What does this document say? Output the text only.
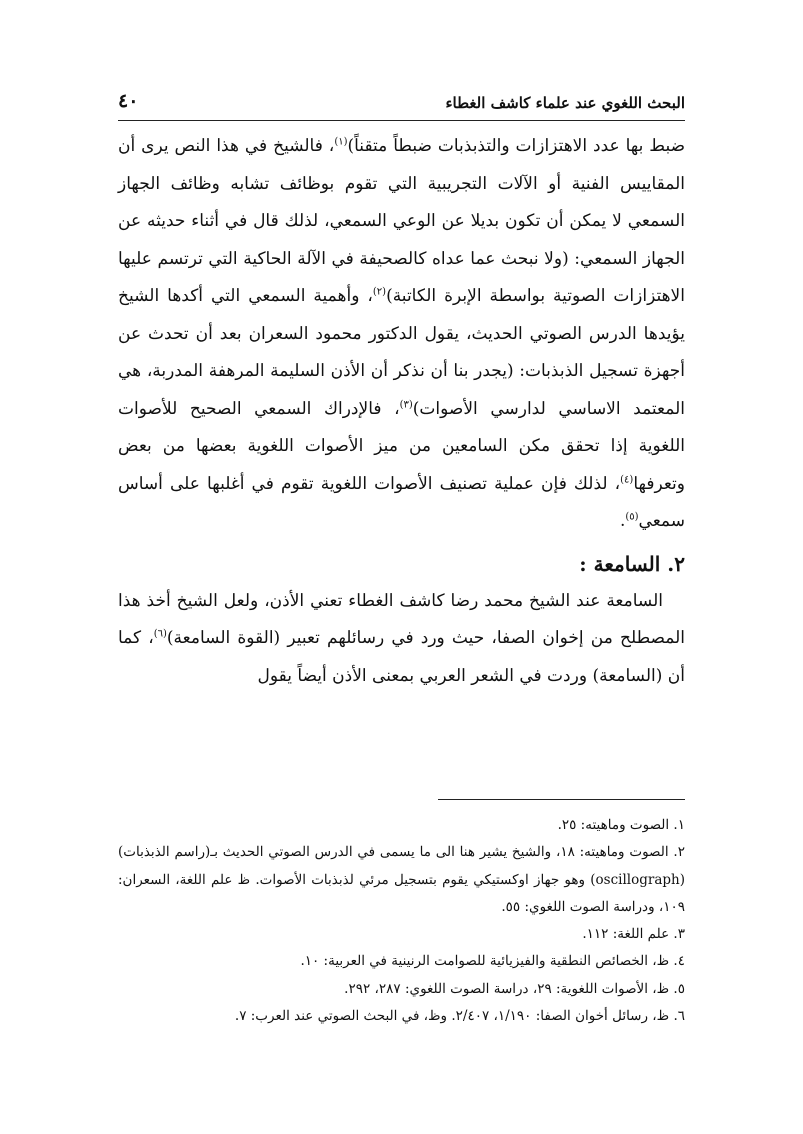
البحث اللغوي عند علماء كاشف الغطاء
٤٠

ضبط بها عدد الاهتزازات والتذبذبات ضبطاً متقناً)$^{(١)}$، فالشيخ في هذا النص يرى أن المقاييس الفنية أو الآلات التجريبية التي تقوم بوظائف تشابه وظائف الجهاز السمعي لا يمكن أن تكون بديلا عن الوعي السمعي، لذلك قال في أثناء حديثه عن الجهاز السمعي: (ولا نبحث عما عداه كالصحيفة في الآلة الحاكية التي ترتسم عليها الاهتزازات الصوتية بواسطة الإبرة الكاتبة)$^{(٢)}$، وأهمية السمعي التي أكدها الشيخ يؤيدها الدرس الصوتي الحديث، يقول الدكتور محمود السعران بعد أن تحدث عن أجهزة تسجيل الذبذبات: (يجدر بنا أن نذكر أن الأذن السليمة المرهفة المدربة، هي المعتمد الاساسي لدارسي الأصوات)$^{(٣)}$، فالإدراك السمعي الصحيح للأصوات اللغوية إذا تحقق مكن السامعين من ميز الأصوات اللغوية بعضها من بعض وتعرفها$^{(٤)}$، لذلك فإن عملية تصنيف الأصوات اللغوية تقوم في أغلبها على أساس سمعي$^{(٥)}$.

٢. السامعة :

السامعة عند الشيخ محمد رضا كاشف الغطاء تعني الأذن، ولعل الشيخ أخذ هذا المصطلح من إخوان الصفا، حيث ورد في رسائلهم تعبير (القوة السامعة)$^{(٦)}$، كما أن (السامعة) وردت في الشعر العربي بمعنى الأذن أيضاً يقول

١. الصوت وماهيته: ٢٥.

٢. الصوت وماهيته: ١٨، والشيخ يشير هنا الى ما يسمى في الدرس الصوتي الحديث بـ(راسم الذبذبات) (oscillograph) وهو جهاز اوكستيكي يقوم بتسجيل مرئي لذبذبات الأصوات. ظ علم اللغة، السعران: ١٠٩، ودراسة الصوت اللغوي: ٥٥.

٣. علم اللغة: ١١٢.

٤. ظ، الخصائص النطقية والفيزيائية للصوامت الرنينية في العربية: ١٠.

٥. ظ، الأصوات اللغوية: ٢٩، دراسة الصوت اللغوي: ٢٨٧، ٢٩٢.

٦. ظ، رسائل أخوان الصفا: ١/١٩٠، ٢/٤٠٧. وظ، في البحث الصوتي عند العرب: ٧.
